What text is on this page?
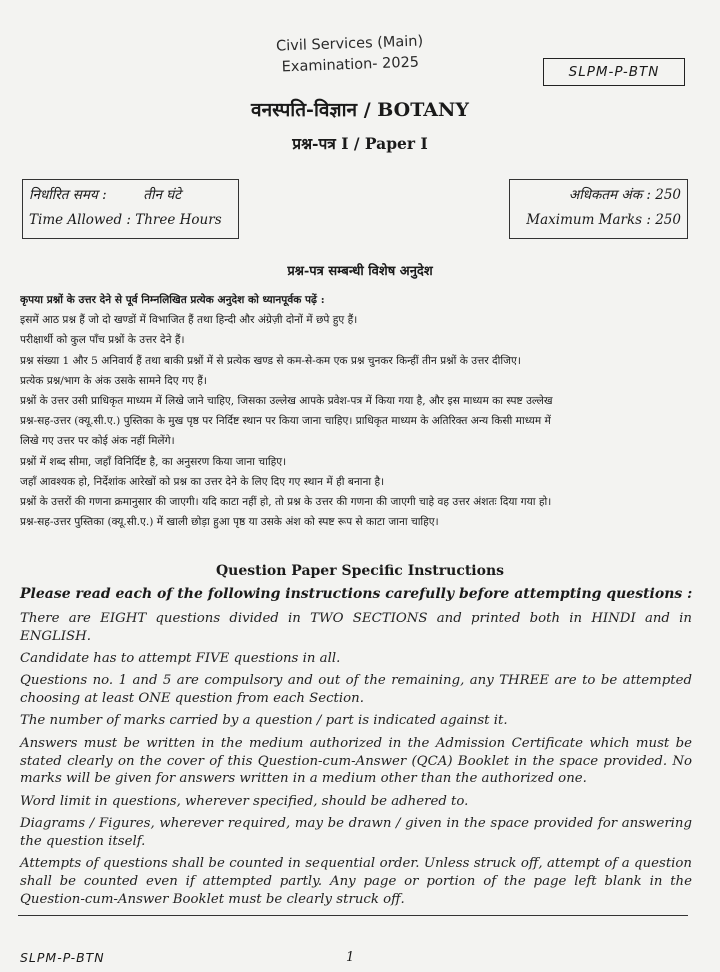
Civil Services (Main)
Examination- 2025	SLPM-P-BTN
वनस्पति-विज्ञान / BOTANY
प्रश्न-पत्र I / Paper I
निर्धारित समय :	तीन घंटे
Time Allowed : Three Hours
अधिकतम अंक : 250
Maximum Marks : 250
प्रश्न-पत्र सम्बन्धी विशेष अनुदेश
कृपया प्रश्नों के उत्तर देने से पूर्व निम्नलिखित प्रत्येक अनुदेश को ध्यानपूर्वक पढ़ें :
इसमें आठ प्रश्न हैं जो दो खण्डों में विभाजित हैं तथा हिन्दी और अंग्रेज़ी दोनों में छपे हुए हैं।
परीक्षार्थी को कुल पाँच प्रश्नों के उत्तर देने हैं।
प्रश्न संख्या 1 और 5 अनिवार्य हैं तथा बाकी प्रश्नों में से प्रत्येक खण्ड से कम-से-कम एक प्रश्न चुनकर किन्हीं तीन प्रश्नों के उत्तर दीजिए।
प्रत्येक प्रश्न/भाग के अंक उसके सामने दिए गए हैं।
प्रश्नों के उत्तर उसी प्राधिकृत माध्यम में लिखे जाने चाहिए, जिसका उल्लेख आपके प्रवेश-पत्र में किया गया है, और इस माध्यम का स्पष्ट उल्लेख
प्रश्न-सह-उत्तर (क्यू.सी.ए.) पुस्तिका के मुख पृष्ठ पर निर्दिष्ट स्थान पर किया जाना चाहिए। प्राधिकृत माध्यम के अतिरिक्त अन्य किसी माध्यम में
लिखे गए उत्तर पर कोई अंक नहीं मिलेंगे।
प्रश्नों में शब्द सीमा, जहाँ विनिर्दिष्ट है, का अनुसरण किया जाना चाहिए।
जहाँ आवश्यक हो, निर्देशांक आरेखों को प्रश्न का उत्तर देने के लिए दिए गए स्थान में ही बनाना है।
प्रश्नों के उत्तरों की गणना क्रमानुसार की जाएगी। यदि काटा नहीं हो, तो प्रश्न के उत्तर की गणना की जाएगी चाहे वह उत्तर अंशतः दिया गया हो।
प्रश्न-सह-उत्तर पुस्तिका (क्यू.सी.ए.) में खाली छोड़ा हुआ पृष्ठ या उसके अंश को स्पष्ट रूप से काटा जाना चाहिए।
Question Paper Specific Instructions
Please read each of the following instructions carefully before attempting questions :

There are EIGHT questions divided in TWO SECTIONS and printed both in HINDI and in ENGLISH.

Candidate has to attempt FIVE questions in all.

Questions no. 1 and 5 are compulsory and out of the remaining, any THREE are to be attempted choosing at least ONE question from each Section.

The number of marks carried by a question / part is indicated against it.

Answers must be written in the medium authorized in the Admission Certificate which must be stated clearly on the cover of this Question-cum-Answer (QCA) Booklet in the space provided. No marks will be given for answers written in a medium other than the authorized one.

Word limit in questions, wherever specified, should be adhered to.

Diagrams / Figures, wherever required, may be drawn / given in the space provided for answering the question itself.

Attempts of questions shall be counted in sequential order. Unless struck off, attempt of a question shall be counted even if attempted partly. Any page or portion of the page left blank in the Question-cum-Answer Booklet must be clearly struck off.

SLPM-P-BTN	1
